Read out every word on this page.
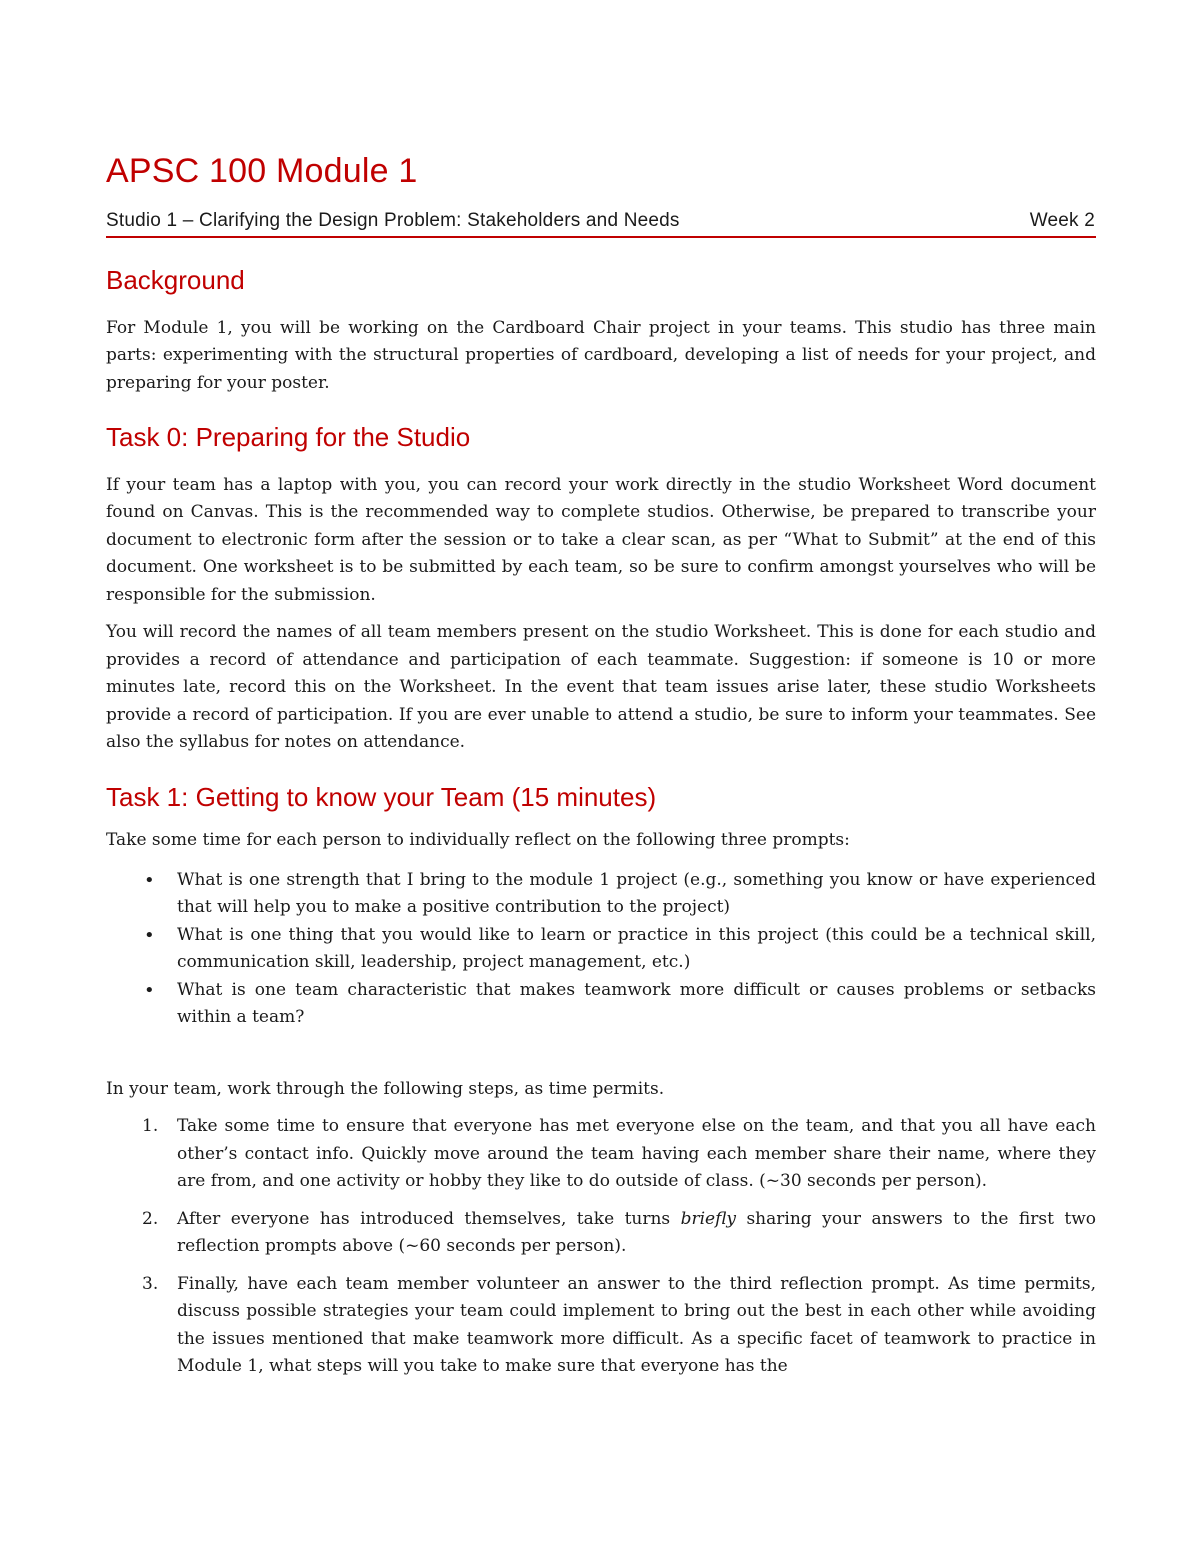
APSC 100 Module 1
Studio 1 – Clarifying the Design Problem: Stakeholders and Needs	Week 2
Background

For Module 1, you will be working on the Cardboard Chair project in your teams. This studio has three main parts: experimenting with the structural properties of cardboard, developing a list of needs for your project, and preparing for your poster.

Task 0: Preparing for the Studio

If your team has a laptop with you, you can record your work directly in the studio Worksheet Word document found on Canvas. This is the recommended way to complete studios. Otherwise, be prepared to transcribe your document to electronic form after the session or to take a clear scan, as per “What to Submit” at the end of this document. One worksheet is to be submitted by each team, so be sure to confirm amongst yourselves who will be responsible for the submission.

You will record the names of all team members present on the studio Worksheet. This is done for each studio and provides a record of attendance and participation of each teammate. Suggestion: if someone is 10 or more minutes late, record this on the Worksheet. In the event that team issues arise later, these studio Worksheets provide a record of participation. If you are ever unable to attend a studio, be sure to inform your teammates. See also the syllabus for notes on attendance.

Task 1: Getting to know your Team (15 minutes)

Take some time for each person to individually reflect on the following three prompts:

• What is one strength that I bring to the module 1 project (e.g., something you know or have experienced that will help you to make a positive contribution to the project)
• What is one thing that you would like to learn or practice in this project (this could be a technical skill, communication skill, leadership, project management, etc.)
• What is one team characteristic that makes teamwork more difficult or causes problems or setbacks within a team?

In your team, work through the following steps, as time permits.

1. Take some time to ensure that everyone has met everyone else on the team, and that you all have each other’s contact info. Quickly move around the team having each member share their name, where they are from, and one activity or hobby they like to do outside of class. (~30 seconds per person).
2. After everyone has introduced themselves, take turns briefly sharing your answers to the first two reflection prompts above (~60 seconds per person).
3. Finally, have each team member volunteer an answer to the third reflection prompt. As time permits, discuss possible strategies your team could implement to bring out the best in each other while avoiding the issues mentioned that make teamwork more difficult. As a specific facet of teamwork to practice in Module 1, what steps will you take to make sure that everyone has the
